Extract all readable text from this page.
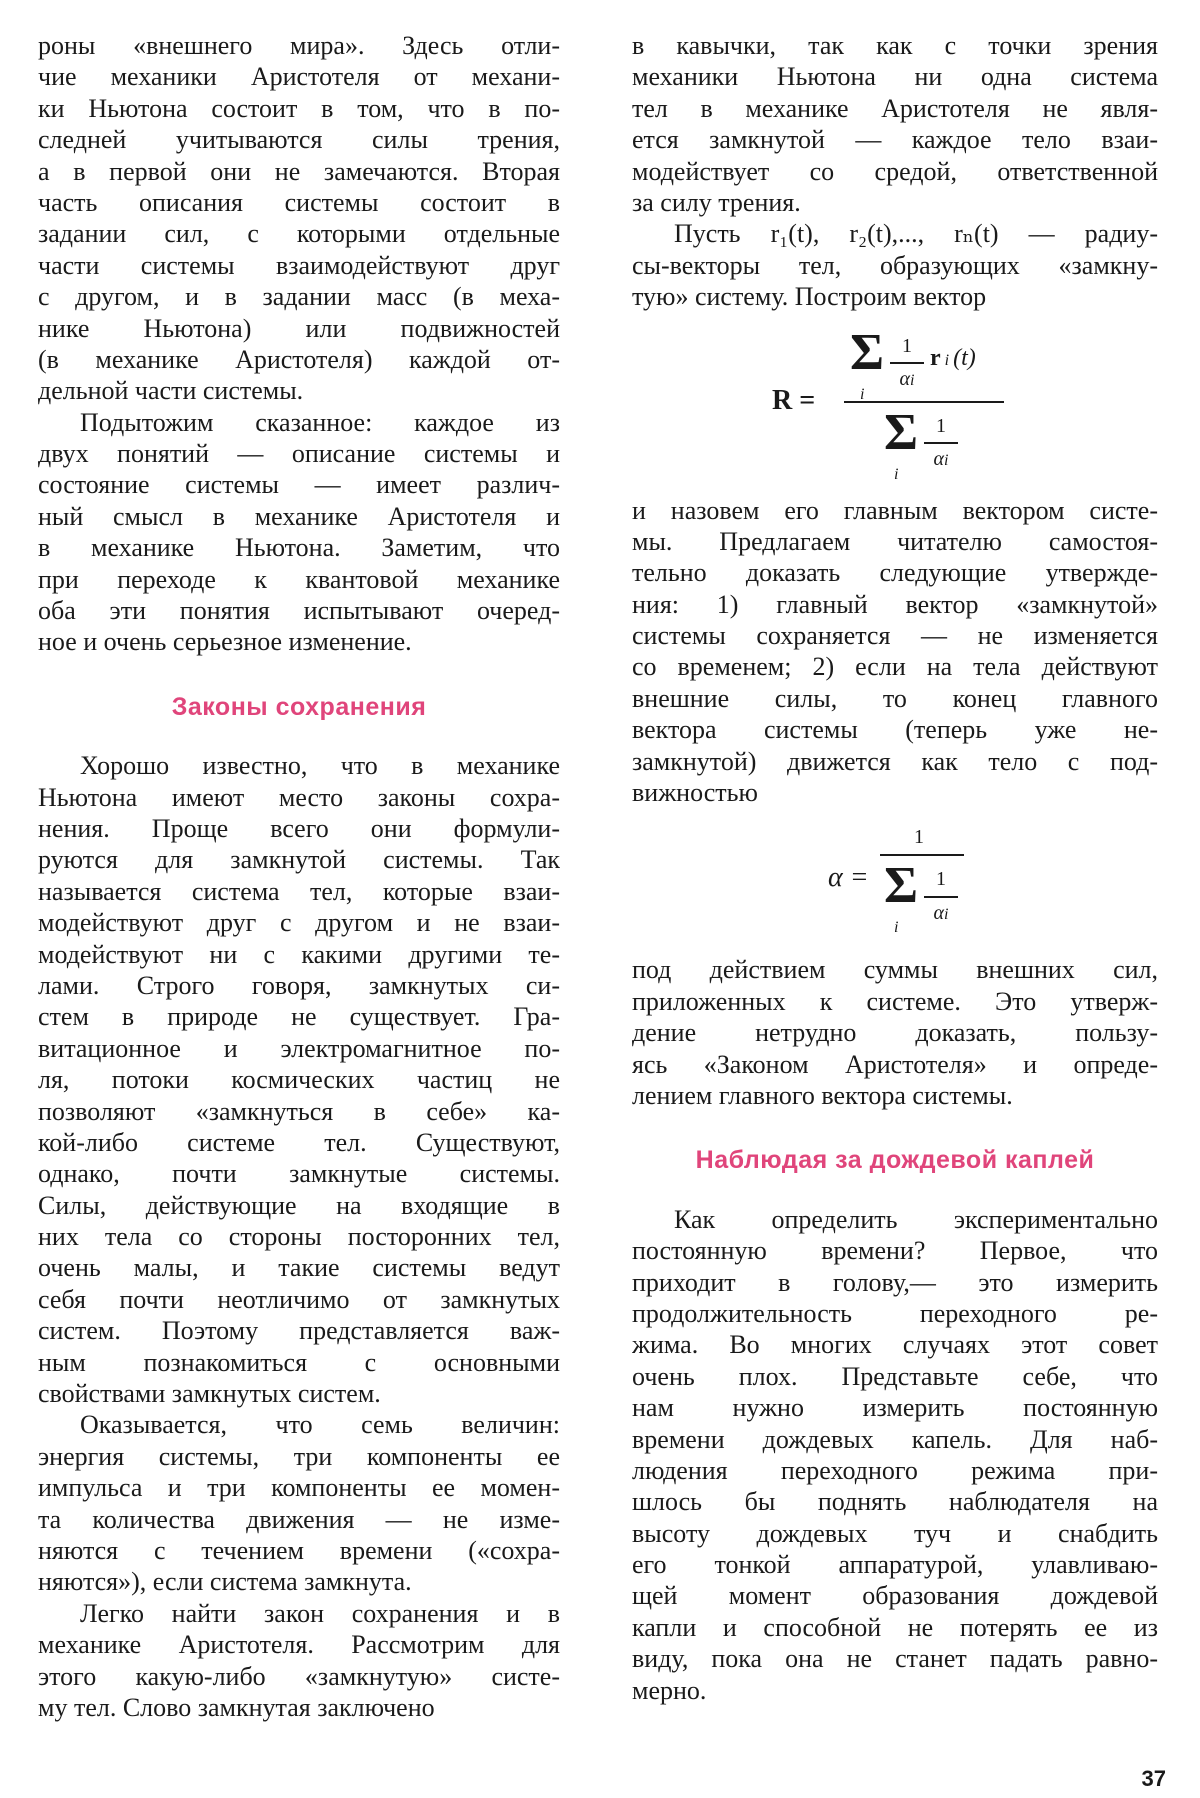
роны «внешнего мира». Здесь отли-
чие механики Аристотеля от механи-
ки Ньютона состоит в том, что в по-
следней учитываются силы трения,
а в первой они не замечаются. Вторая
часть описания системы состоит в
задании сил, с которыми отдельные
части системы взаимодействуют друг
с другом, и в задании масс (в меха-
нике Ньютона) или подвижностей
(в механике Аристотеля) каждой от-
дельной части системы.
Подытожим сказанное: каждое из
двух понятий — описание системы и
состояние системы — имеет различ-
ный смысл в механике Аристотеля и
в механике Ньютона. Заметим, что
при переходе к квантовой механике
оба эти понятия испытывают очеред-
ное и очень серьезное изменение.
Законы сохранения
Хорошо известно, что в механике
Ньютона имеют место законы сохра-
нения. Проще всего они формули-
руются для замкнутой системы. Так
называется система тел, которые взаи-
модействуют друг с другом и не взаи-
модействуют ни с какими другими те-
лами. Строго говоря, замкнутых си-
стем в природе не существует. Гра-
витационное и электромагнитное по-
ля, потоки космических частиц не
позволяют «замкнуться в себе» ка-
кой-либо системе тел. Существуют,
однако, почти замкнутые системы.
Силы, действующие на входящие в
них тела со стороны посторонних тел,
очень малы, и такие системы ведут
себя почти неотличимо от замкнутых
систем. Поэтому представляется важ-
ным познакомиться с основными
свойствами замкнутых систем.
Оказывается, что семь величин:
энергия системы, три компоненты ее
импульса и три компоненты ее момен-
та количества движения — не изме-
няются с течением времени («сохра-
няются»), если система замкнута.
Легко найти закон сохранения и в
механике Аристотеля. Рассмотрим для
этого какую-либо «замкнутую» систе-
му тел. Слово замкнутая заключено
в кавычки, так как с точки зрения
механики Ньютона ни одна система
тел в механике Аристотеля не явля-
ется замкнутой — каждое тело взаи-
модействует со средой, ответственной
за силу трения.
Пусть r₁(t), r₂(t),..., rₙ(t) — радиу-
сы-векторы тел, образующих «замкну-
тую» систему. Построим вектор
R =
Σ
i
1
αi
r i (t)
Σ
i
1
αi
и назовем его главным вектором систе-
мы. Предлагаем читателю самостоя-
тельно доказать следующие утвержде-
ния: 1) главный вектор «замкнутой»
системы сохраняется — не изменяется
со временем; 2) если на тела действуют
внешние силы, то конец главного
вектора системы (теперь уже не-
замкнутой) движется как тело с под-
вижностью
α =
1
Σ
i
1
αi
под действием суммы внешних сил,
приложенных к системе. Это утверж-
дение нетрудно доказать, пользу-
ясь «Законом Аристотеля» и опреде-
лением главного вектора системы.
Наблюдая за дождевой каплей
Как определить экспериментально
постоянную времени? Первое, что
приходит в голову,— это измерить
продолжительность переходного ре-
жима. Во многих случаях этот совет
очень плох. Представьте себе, что
нам нужно измерить постоянную
времени дождевых капель. Для наб-
людения переходного режима при-
шлось бы поднять наблюдателя на
высоту дождевых туч и снабдить
его тонкой аппаратурой, улавливаю-
щей момент образования дождевой
капли и способной не потерять ее из
виду, пока она не станет падать равно-
мерно.
37
